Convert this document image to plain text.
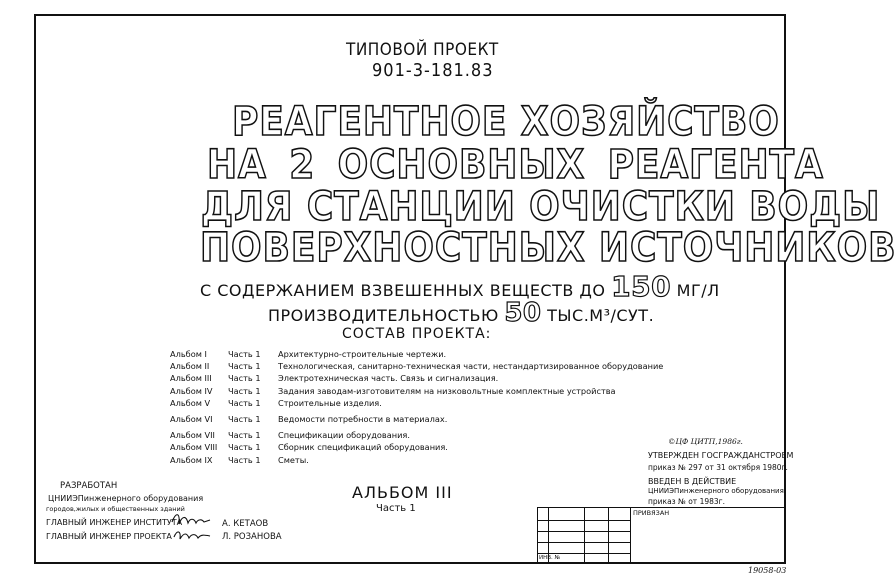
ТИПОВОЙ ПРОЕКТ
901-3-181.83
РЕАГЕНТНОЕ ХОЗЯЙСТВО
НА 2 ОСНОВНЫХ РЕАГЕНТА
ДЛЯ СТАНЦИИ ОЧИСТКИ ВОДЫ
ПОВЕРХНОСТНЫХ ИСТОЧНИКОВ
С СОДЕРЖАНИЕМ ВЗВЕШЕННЫХ ВЕЩЕСТВ ДО 150 МГ/Л
ПРОИЗВОДИТЕЛЬНОСТЬЮ 50 ТЫС.М³/СУТ.
СОСТАВ ПРОЕКТА:
Альбом I	Часть 1	Архитектурно-строительные чертежи.
Альбом II	Часть 1	Технологическая, санитарно-техническая части, нестандартизированное оборудование
Альбом III	Часть 1	Электротехническая часть. Связь и сигнализация.
Альбом IV	Часть 1	Задания заводам-изготовителям на низковольтные комплектные устройства
Альбом V	Часть 1	Строительные изделия.
Альбом VI	Часть 1	Ведомости потребности в материалах.
Альбом VII	Часть 1	Спецификации оборудования.
Альбом VIII	Часть 1	Сборник спецификаций оборудования.
Альбом IX	Часть 1	Сметы.
РАЗРАБОТАН
ЦНИИЭПинженерного оборудования
городов,жилых и общественных зданий
ГЛАВНЫЙ ИНЖЕНЕР ИНСТИТУТА
ГЛАВНЫЙ ИНЖЕНЕР ПРОЕКТА
А. КЕТАОВ
Л. РОЗАНОВА
АЛЬБОМ III
Часть 1
©ЦФ ЦИТП,1986г.
УТВЕРЖДЕН ГОСГРАЖДАНСТРОЕМ
приказ № 297 от 31 октября 1980г.
ВВЕДЕН В ДЕЙСТВИЕ
ЦНИИЭПинженерного оборудования
приказ № от 1983г.
ПРИВЯЗАН
ИНВ. №
19058-03
